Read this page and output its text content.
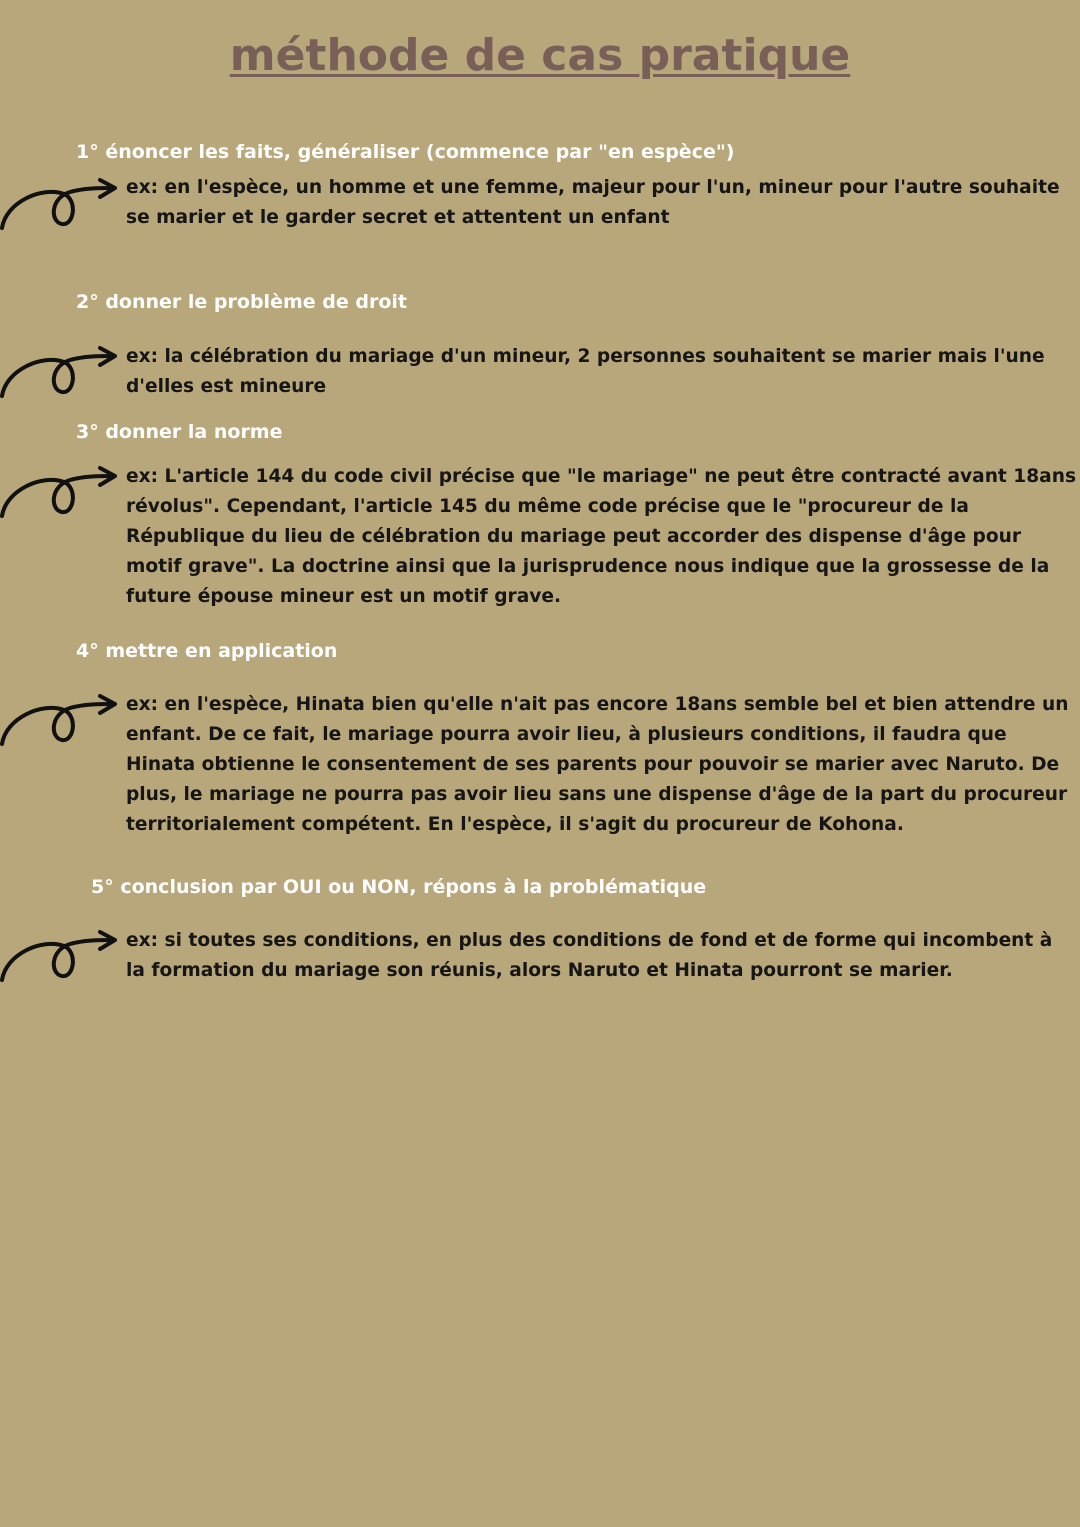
méthode de cas pratique
1° énoncer les faits, généraliser (commence par "en espèce")

ex: en l'espèce, un homme et une femme, majeur pour l'un, mineur pour l'autre souhaite se marier et le garder secret et attentent un enfant

2° donner le problème de droit

ex: la célébration du mariage d'un mineur, 2 personnes souhaitent se marier mais l'une d'elles est mineure

3° donner la norme

ex: L'article 144 du code civil précise que "le mariage" ne peut être contracté avant 18ans révolus". Cependant, l'article 145 du même code précise que le "procureur de la République du lieu de célébration du mariage peut accorder des dispense d'âge pour motif grave". La doctrine ainsi que la jurisprudence nous indique que la grossesse de la future épouse mineur est un motif grave.

4° mettre en application

ex: en l'espèce, Hinata bien qu'elle n'ait pas encore 18ans semble bel et bien attendre un enfant. De ce fait, le mariage pourra avoir lieu, à plusieurs conditions, il faudra que Hinata obtienne le consentement de ses parents pour pouvoir se marier avec Naruto. De plus, le mariage ne pourra pas avoir lieu sans une dispense d'âge de la part du procureur territorialement compétent. En l'espèce, il s'agit du procureur de Kohona.

5° conclusion par OUI ou NON, répons à la problématique

ex: si toutes ses conditions, en plus des conditions de fond et de forme qui incombent à la formation du mariage son réunis, alors Naruto et Hinata pourront se marier.
